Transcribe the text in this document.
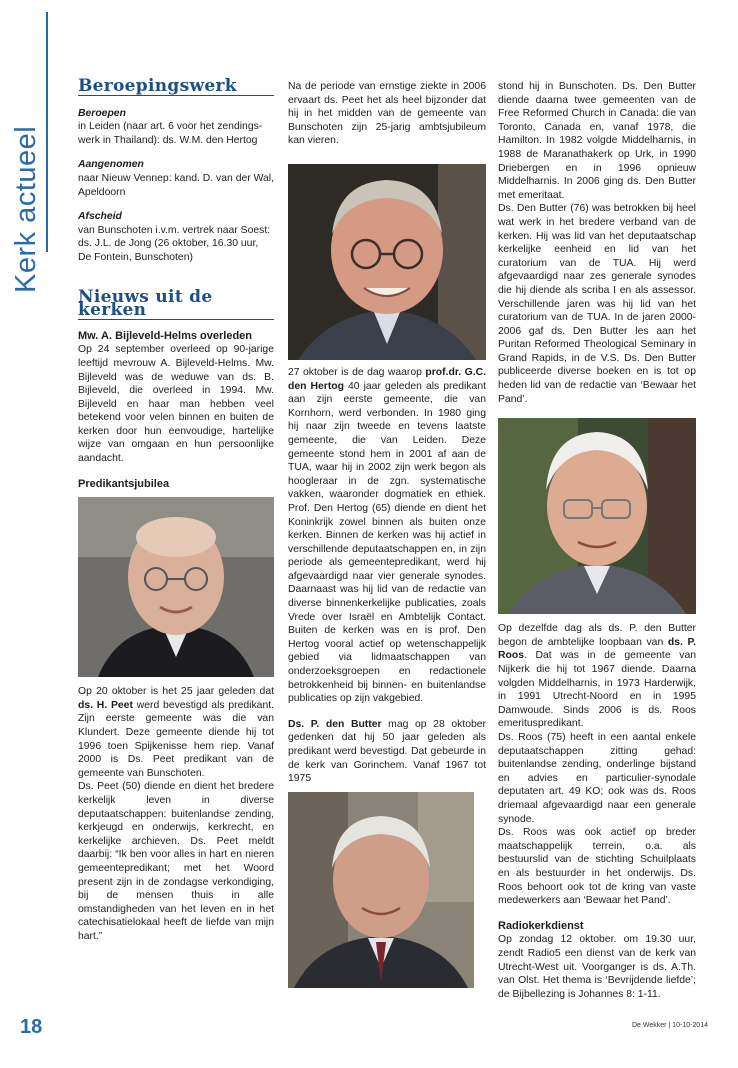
Kerk actueel
Beroepingswerk
Beroepen

in Leiden (naar art. 6 voor het zendings-werk in Thailand): ds. W.M. den Hertog

Aangenomen

naar Nieuw Vennep: kand. D. van der Wal, Apeldoorn

Afscheid

van Bunschoten i.v.m. vertrek naar Soest: ds. J.L. de Jong (26 oktober, 16.30 uur, De Fontein, Bunschoten)

Nieuws uit de kerken
Mw. A. Bijleveld-Helms overleden

Op 24 september overleed op 90-jarige leeftijd mevrouw A. Bijleveld-Helms. Mw. Bijleveld was de weduwe van ds. B. Bijleveld, die overleed in 1994. Mw. Bijleveld en haar man hebben veel betekend voor velen binnen en buiten de kerken door hun eenvoudige, hartelijke wijze van omgaan en hun persoonlijke aandacht.

Predikantsjubilea

Op 20 oktober is het 25 jaar geleden dat ds. H. Peet werd bevestigd als predikant. Zijn eerste gemeente was die van Klundert. Deze gemeente diende hij tot 1996 toen Spijkenisse hem riep. Vanaf 2000 is Ds. Peet predikant van de gemeente van Bunschoten.

Ds. Peet (50) diende en dient het bredere kerkelijk leven in diverse deputaatschappen: buitenlandse zending, kerkjeugd en onderwijs, kerkrecht, en kerkelijke archieven. Ds. Peet meldt daarbij: “Ik ben voor alles in hart en nieren gemeentepredikant; met het Woord present zijn in de zondagse verkondiging, bij de mensen thuis in alle omstandigheden van het leven en in het catechisatielokaal heeft de liefde van mijn hart.”

Na de periode van ernstige ziekte in 2006 ervaart ds. Peet het als heel bijzonder dat hij in het midden van de gemeente van Bunschoten zijn 25-jarig ambtsjubileum kan vieren.

27 oktober is de dag waarop prof.dr. G.C. den Hertog 40 jaar geleden als predikant aan zijn eerste gemeente, die van Kornhorn, werd verbonden. In 1980 ging hij naar zijn tweede en tevens laatste gemeente, die van Leiden. Deze gemeente stond hem in 2001 af aan de TUA, waar hij in 2002 zijn werk begon als hoogleraar in de zgn. systematische vakken, waaronder dogmatiek en ethiek. Prof. Den Hertog (65) diende en dient het Koninkrijk zowel binnen als buiten onze kerken. Binnen de kerken was hij actief in verschillende deputaatschappen en, in zijn periode als gemeentepredikant, werd hij afgevaardigd naar vier generale synodes. Daarnaast was hij lid van de redactie van diverse binnenkerkelijke publicaties, zoals Vrede over Israël en Ambtelijk Contact. Buiten de kerken was en is prof. Den Hertog vooral actief op wetenschappelijk gebied via lidmaatschappen van onderzoeksgroepen en redactionele betrokkenheid bij binnen- en buitenlandse publicaties op zijn vakgebied.

Ds. P. den Butter mag op 28 oktober gedenken dat hij 50 jaar geleden als predikant werd bevestigd. Dat gebeurde in de kerk van Gorinchem. Vanaf 1967 tot 1975

stond hij in Bunschoten. Ds. Den Butter diende daarna twee gemeenten van de Free Reformed Church in Canada: die van Toronto, Canada en, vanaf 1978, die Hamilton. In 1982 volgde Middelharnis, in 1988 de Maranathakerk op Urk, in 1990 Driebergen en in 1996 opnieuw Middelharnis. In 2006 ging ds. Den Butter met emeritaat.

Ds. Den Butter (76) was betrokken bij heel wat werk in het bredere verband van de kerken. Hij was lid van het deputaatschap kerkelijke eenheid en lid van het curatorium van de TUA. Hij werd afgevaardigd naar zes generale synodes die hij diende als scriba I en als assessor. Verschillende jaren was hij lid van het curatorium van de TUA. In de jaren 2000-2006 gaf ds. Den Butter les aan het Puritan Reformed Theological Seminary in Grand Rapids, in de V.S. Ds. Den Butter publiceerde diverse boeken en is tot op heden lid van de redactie van ‘Bewaar het Pand’.

Op dezelfde dag als ds. P. den Butter begon de ambtelijke loopbaan van ds. P. Roos. Dat was in de gemeente van Nijkerk die hij tot 1967 diende. Daarna volgden Middelharnis, in 1973 Harderwijk, in 1991 Utrecht-Noord en in 1995 Damwoude. Sinds 2006 is ds. Roos emerituspredikant.

Ds. Roos (75) heeft in een aantal enkele deputaatschappen zitting gehad: buitenlandse zending, onderlinge bijstand en advies en particulier-synodale deputaten art. 49 KO; ook was ds. Roos driemaal afgevaardigd naar een generale synode.

Ds. Roos was ook actief op breder maatschappelijk terrein, o.a. als bestuurslid van de stichting Schuilplaats en als bestuurder in het onderwijs. Ds. Roos behoort ook tot de kring van vaste medewerkers aan ‘Bewaar het Pand’.

Radiokerkdienst

Op zondag 12 oktober. om 19.30 uur, zendt Radio5 een dienst van de kerk van Utrecht-West uit. Voorganger is ds. A.Th. van Olst. Het thema is ‘Bevrijdende liefde’; de Bijbellezing is Johannes 8: 1-11.

18	De Wekker | 10-10-2014
